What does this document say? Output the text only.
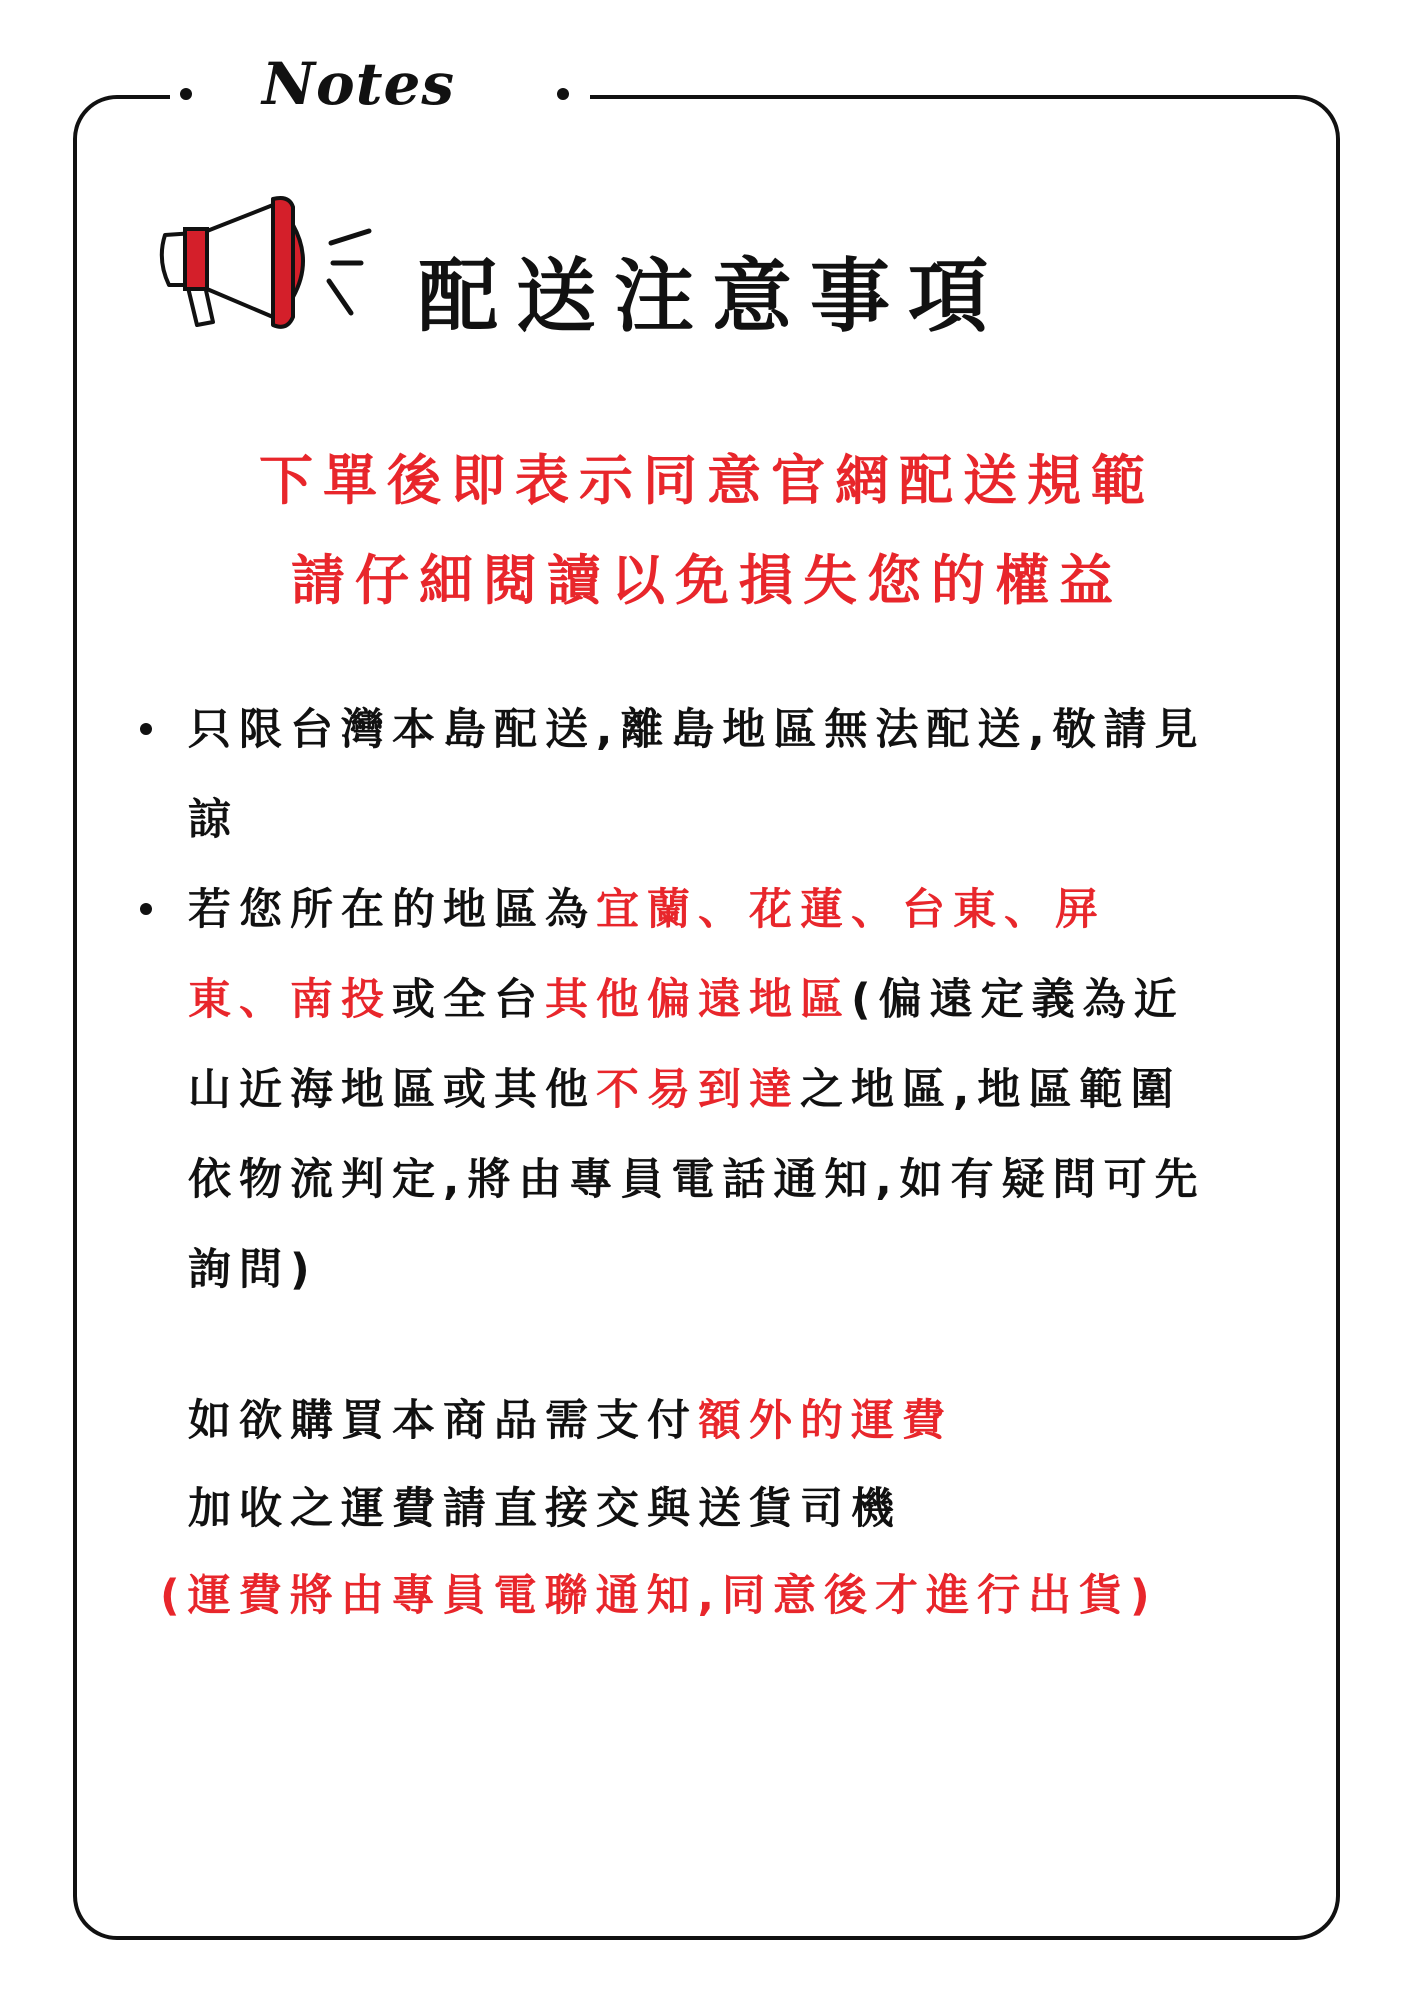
Notes
配送注意事項
下單後即表示同意官網配送規範
請仔細閱讀以免損失您的權益
只限台灣本島配送,離島地區無法配送,敬請見
諒
若您所在的地區為宜蘭、花蓮、台東、屏
東、南投或全台其他偏遠地區(偏遠定義為近
山近海地區或其他不易到達之地區,地區範圍
依物流判定,將由專員電話通知,如有疑問可先
詢問)
如欲購買本商品需支付額外的運費
加收之運費請直接交與送貨司機
(運費將由專員電聯通知,同意後才進行出貨)
